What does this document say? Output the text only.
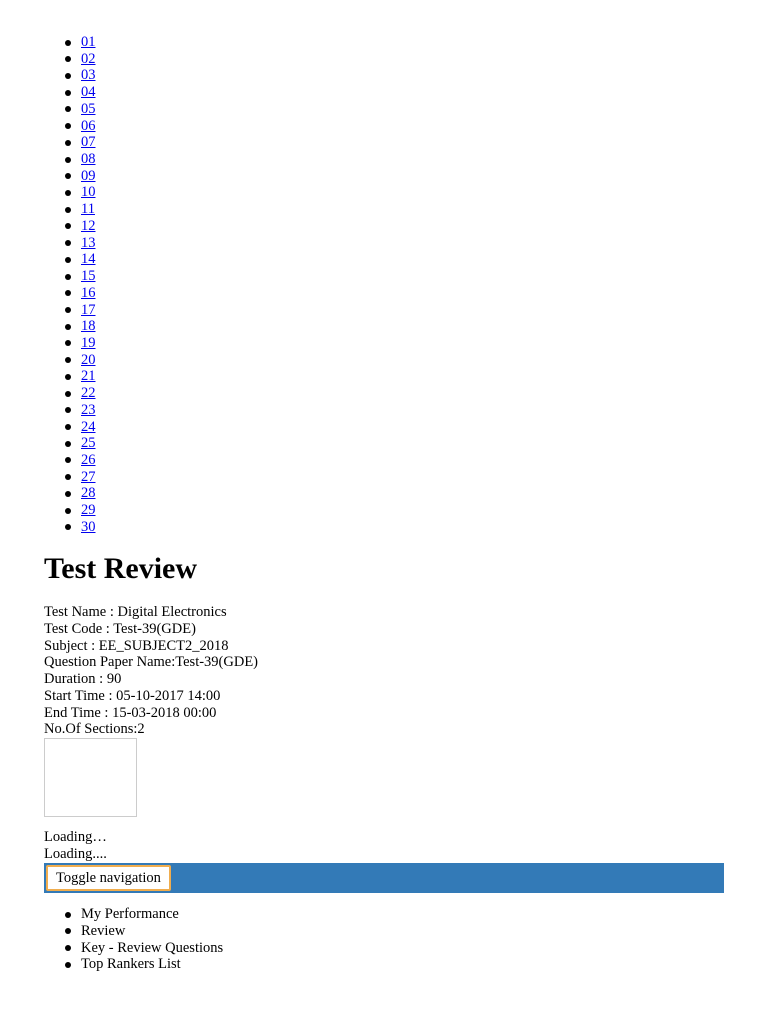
01
02
03
04
05
06
07
08
09
10
11
12
13
14
15
16
17
18
19
20
21
22
23
24
25
26
27
28
29
30
Test Review
Test Name : Digital Electronics
Test Code : Test-39(GDE)
Subject : EE_SUBJECT2_2018
Question Paper Name:Test-39(GDE)
Duration : 90
Start Time : 05-10-2017 14:00
End Time : 15-03-2018 00:00
No.Of Sections:2
Loading…
Loading....
Toggle navigation
My Performance
Review
Key - Review Questions
Top Rankers List
